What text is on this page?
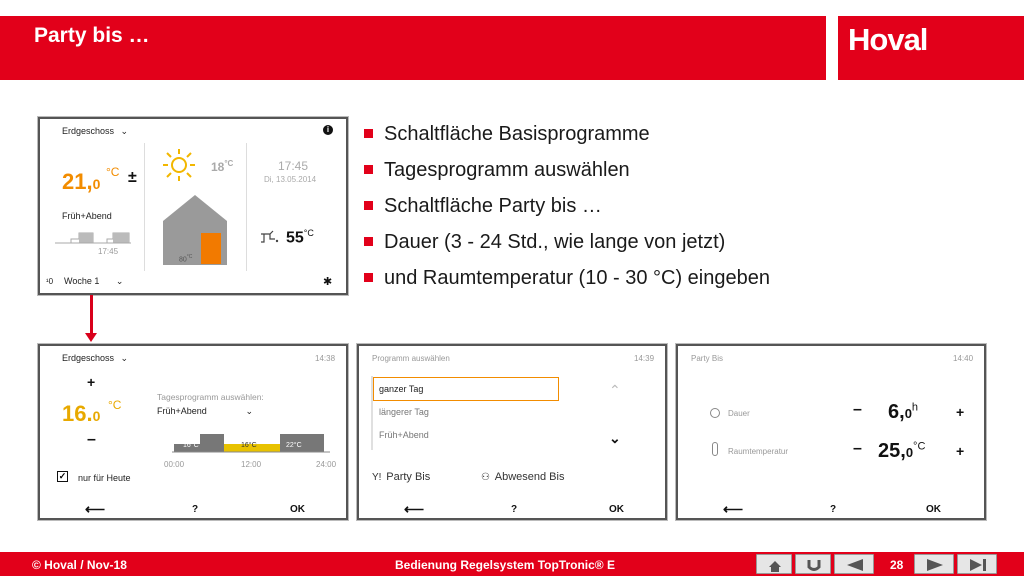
Party bis …	Hoval
Schaltfläche Basisprogramme
Tagesprogramm auswählen
Schaltfläche Party bis …
Dauer (3 - 24 Std., wie lange von jetzt)
und Raumtemperatur (10 - 30 °C) eingeben
Erdgeschoss ⌄	i
21,0
°C ±
Früh+Abend
17:45
¹0 Woche 1 ⌄
$18^{^\circ C}$
$80^{^\circ C}$
17:45
Di, 13.05.2014
$55^{^\circ C}$
✱
Erdgeschoss ⌄	14:38
+
16.0
°C
–
Tagesprogramm auswählen:
Früh+Abend	⌄
16°C	16°C	22°C
00:00	12:00	24:00
✓ nur für Heute
⟵	?	OK
Programm auswählen	14:39
ganzer Tag
längerer Tag
Früh+Abend
⌃
⌄
Y! Party Bis	⚇ Abwesend Bis
⟵	?	OK
Party Bis	14:40
Dauer	– 6,0$^h$	+
Raumtemperatur	– $25,0^{^\circ C}$ +
⟵	?	OK
© Hoval / Nov-18	Bedienung Regelsystem TopTronic® E	28
